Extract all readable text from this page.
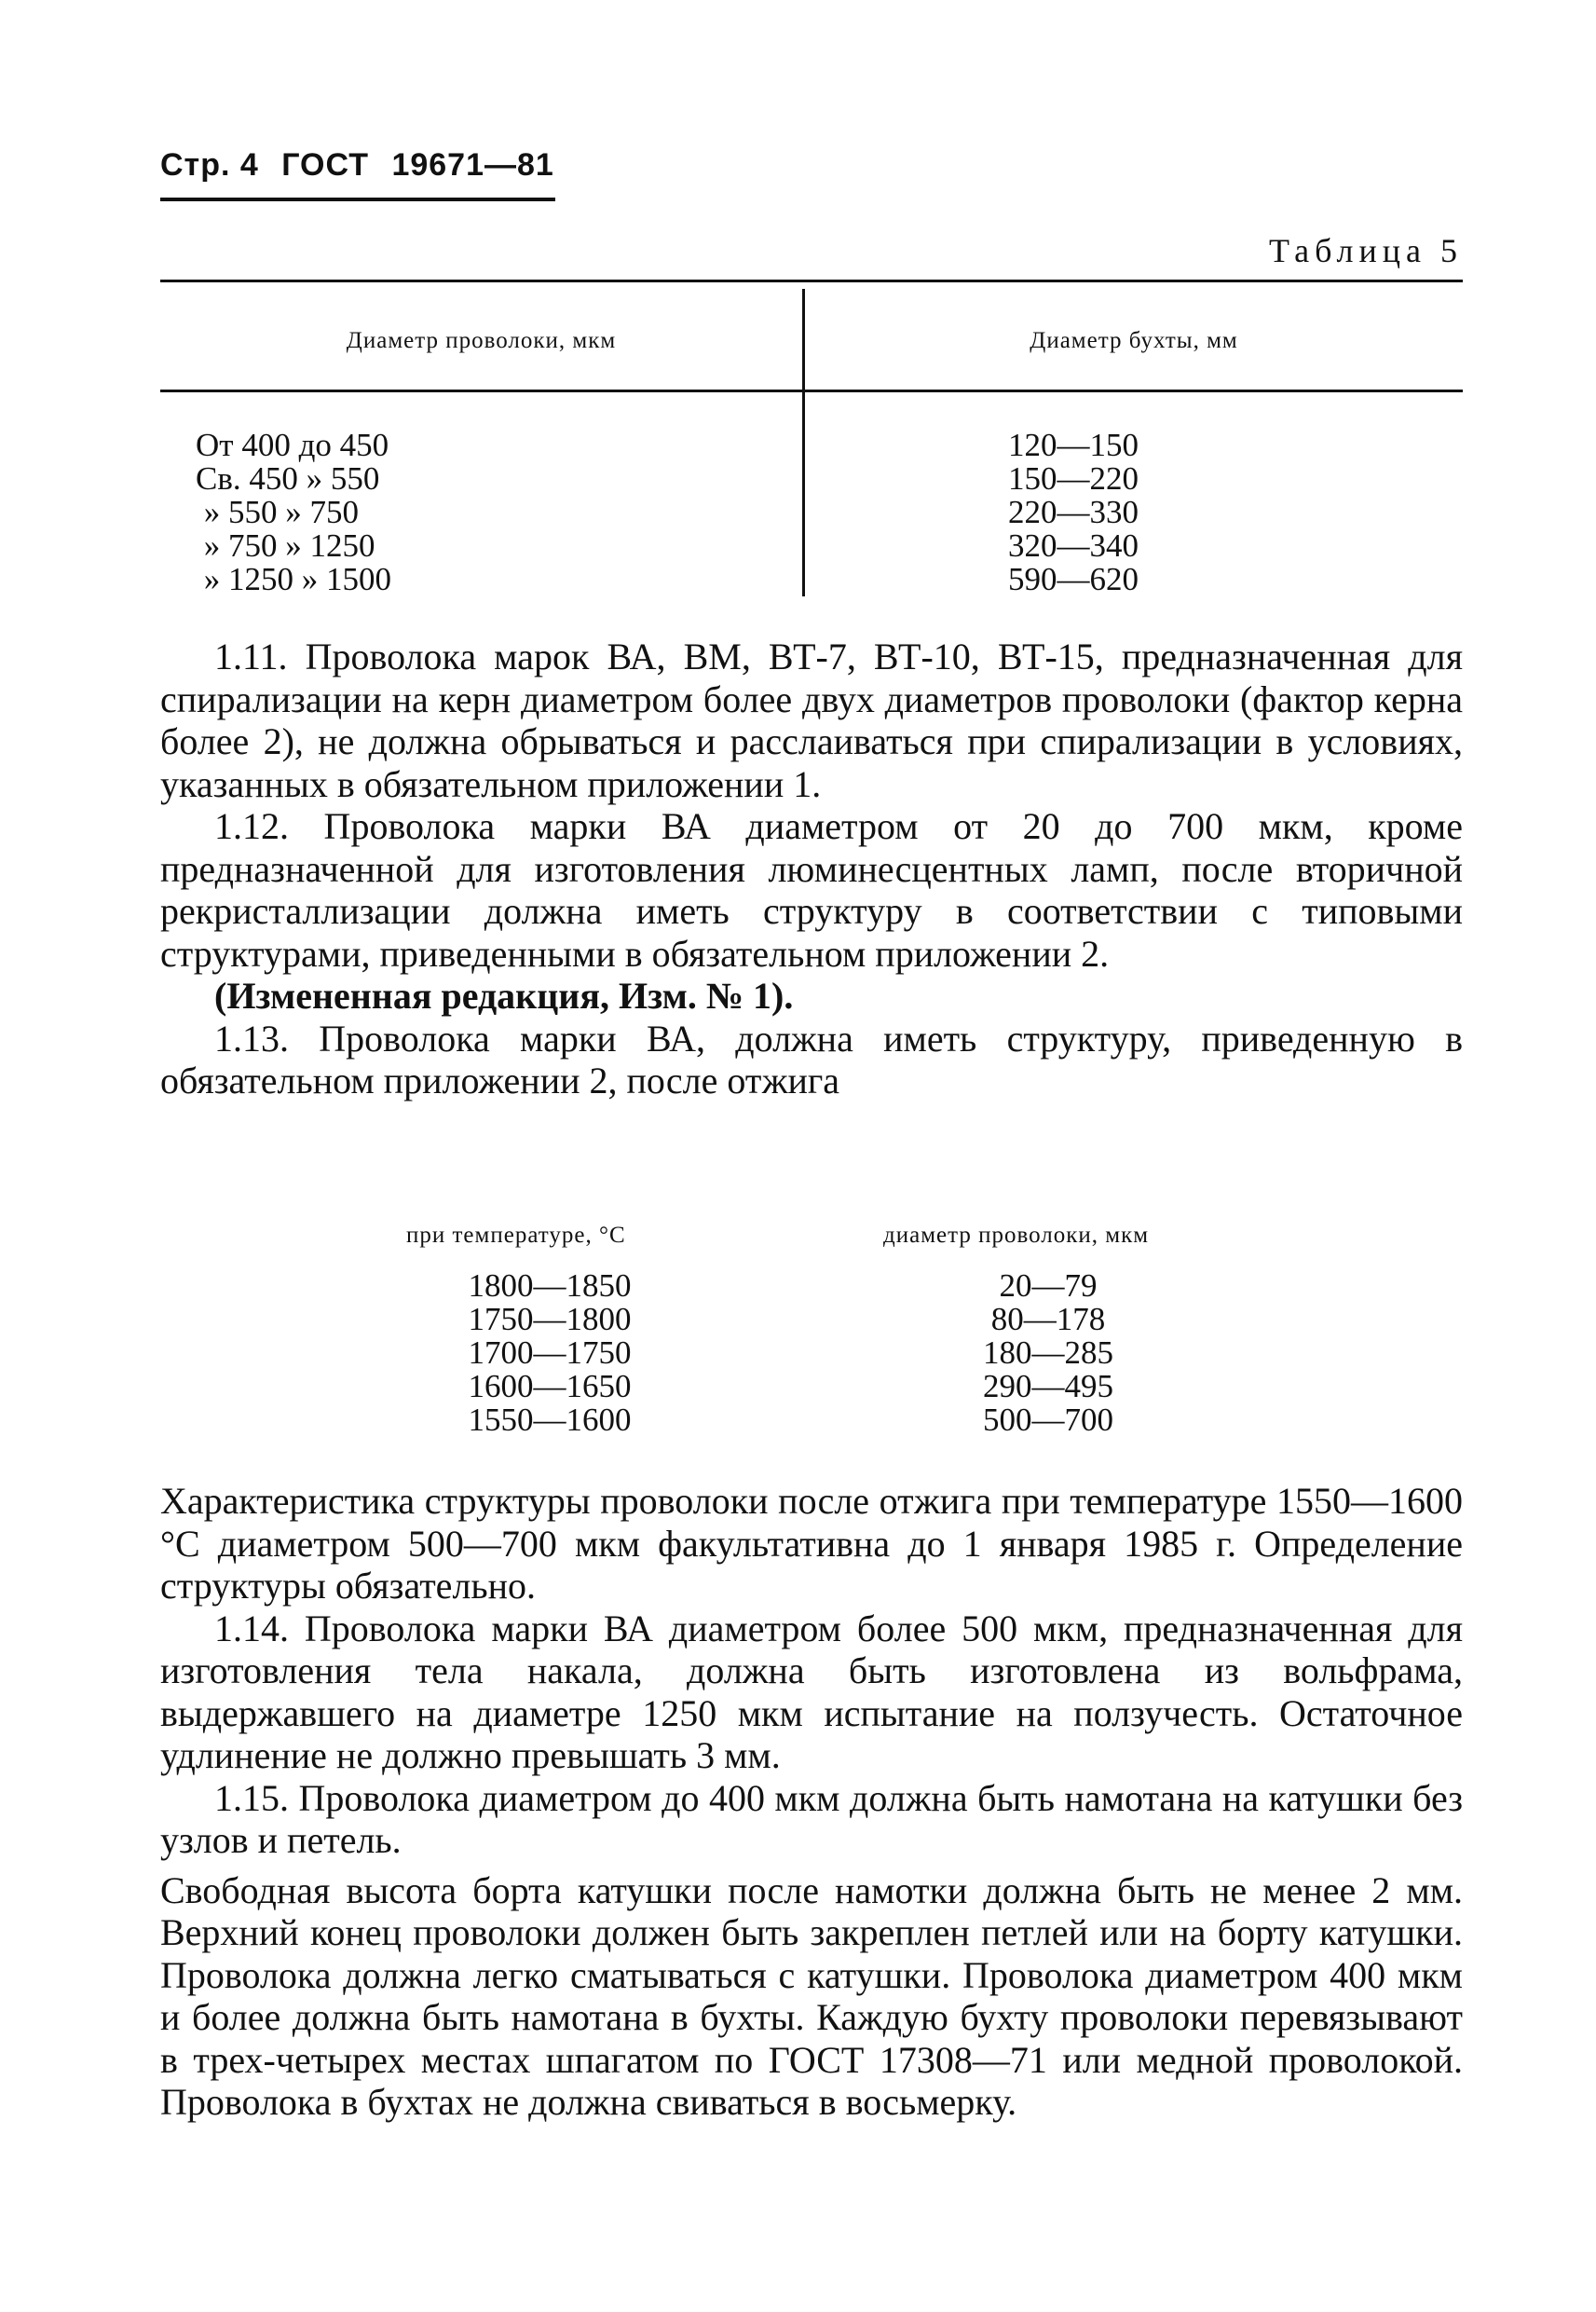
Стр. 4 ГОСТ 19671—81
Таблица 5
Диаметр проволоки, мкм	Диаметр бухты, мм
От 400 до 450
Св. 450 » 550
» 550 » 750
» 750 » 1250
» 1250 » 1500
120—150
150—220
220—330
320—340
590—620

1.11. Проволока марок ВА, ВМ, ВТ-7, ВТ-10, ВТ-15, предназначенная для спирализации на керн диаметром более двух диаметров проволоки (фактор керна более 2), не должна обрываться и расслаиваться при спирализации в условиях, указанных в обязательном приложении 1.

1.12. Проволока марки ВА диаметром от 20 до 700 мкм, кроме предназначенной для изготовления люминесцентных ламп, после вторичной рекристаллизации должна иметь структуру в соответствии с типовыми структурами, приведенными в обязательном приложении 2.

(Измененная редакция, Изм. № 1).

1.13. Проволока марки ВА, должна иметь структуру, приведенную в обязательном приложении 2, после отжига

при температуре, °С	диаметр проволоки, мкм
1800—1850
1750—1800
1700—1750
1600—1650
1550—1600
20—79
80—178
180—285
290—495
500—700

Характеристика структуры проволоки после отжига при температуре 1550—1600 °С диаметром 500—700 мкм факультативна до 1 января 1985 г. Определение структуры обязательно.

1.14. Проволока марки ВА диаметром более 500 мкм, предназначенная для изготовления тела накала, должна быть изготовлена из вольфрама, выдержавшего на диаметре 1250 мкм испытание на ползучесть. Остаточное удлинение не должно превышать 3 мм.

1.15. Проволока диаметром до 400 мкм должна быть намотана на катушки без узлов и петель.

Свободная высота борта катушки после намотки должна быть не менее 2 мм. Верхний конец проволоки должен быть закреплен петлей или на борту катушки. Проволока должна легко сматываться с катушки. Проволока диаметром 400 мкм и более должна быть намотана в бухты. Каждую бухту проволоки перевязывают в трех-четырех местах шпагатом по ГОСТ 17308—71 или медной проволокой. Проволока в бухтах не должна свиваться в восьмерку.
